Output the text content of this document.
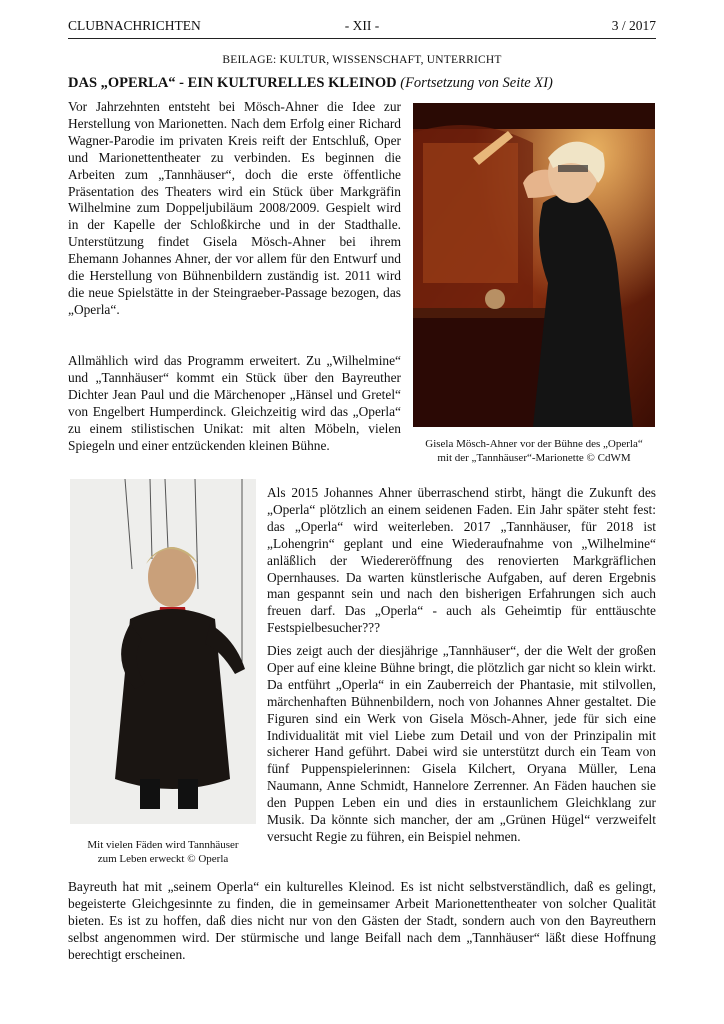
CLUBNACHRICHTEN	- XII -	3 / 2017
BEILAGE: KULTUR, WISSENSCHAFT, UNTERRICHT
DAS „OPERLA“ - EIN KULTURELLES KLEINOD (Fortsetzung von Seite XI)

Vor Jahrzehnten entsteht bei Mösch-Ahner die Idee zur Herstellung von Marionetten. Nach dem Erfolg einer Richard Wagner-Parodie im privaten Kreis reift der Entschluß, Oper und Marionettentheater zu verbinden. Es beginnen die Arbeiten zum „Tannhäuser“, doch die erste öffentliche Präsentation des Theaters wird ein Stück über Markgräfin Wilhelmine zum Doppeljubiläum 2008/2009. Gespielt wird in der Kapelle der Schloßkirche und in der Stadthalle. Unterstützung findet Gisela Mösch-Ahner bei ihrem Ehemann Johannes Ahner, der vor allem für den Entwurf und die Herstellung von Bühnenbildern zuständig ist. 2011 wird die neue Spielstätte in der Steingraeber-Passage bezogen, das „Operla“.

Allmählich wird das Programm erweitert. Zu „Wilhelmine“ und „Tannhäuser“ kommt ein Stück über den Bayreuther Dichter Jean Paul und die Märchenoper „Hänsel und Gretel“ von Engelbert Humperdinck. Gleichzeitig wird das „Operla“ zu einem stilistischen Unikat: mit alten Möbeln, vielen Spiegeln und einer entzückenden kleinen Bühne.	Gisela Mösch-Ahner vor der Bühne des „Operla“
mit der „Tannhäuser“-Marionette © CdWM
Mit vielen Fäden wird Tannhäuser
zum Leben erweckt © Operla

Als 2015 Johannes Ahner überraschend stirbt, hängt die Zukunft des „Operla“ plötzlich an einem seidenen Faden. Ein Jahr später steht fest: das „Operla“ wird weiterleben. 2017 „Tannhäuser, für 2018 ist „Lohengrin“ geplant und eine Wiederaufnahme von „Wilhelmine“ anläßlich der Wiedereröffnung des renovierten Markgräflichen Opernhauses. Da warten künstlerische Aufgaben, auf deren Ergebnis man gespannt sein und nach den bisherigen Erfahrungen sich auch freuen darf. Das „Operla“ - auch als Geheimtip für enttäuschte Festspielbesucher???

Dies zeigt auch der diesjährige „Tannhäuser“, der die Welt der großen Oper auf eine kleine Bühne bringt, die plötzlich gar nicht so klein wirkt. Da entführt „Operla“ in ein Zauberreich der Phantasie, mit stilvollen, märchenhaften Bühnenbildern, noch von Johannes Ahner gestaltet. Die Figuren sind ein Werk von Gisela Mösch-Ahner, jede für sich eine Individualität mit viel Liebe zum Detail und von der Prinzipalin mit sicherer Hand geführt. Dabei wird sie unterstützt durch ein Team von fünf Puppenspielerinnen: Gisela Kilchert, Oryana Müller, Lena Naumann, Anne Schmidt, Hannelore Zerrenner. An Fäden hauchen sie den Puppen Leben ein und dies in erstaunlichem Gleichklang zur Musik. Da könnte sich mancher, der am „Grünen Hügel“ verzweifelt versucht Regie zu führen, ein Beispiel nehmen.

Bayreuth hat mit „seinem Operla“ ein kulturelles Kleinod. Es ist nicht selbstverständlich, daß es gelingt, begeisterte Gleichgesinnte zu finden, die in gemeinsamer Arbeit Marionettentheater von solcher Qualität bieten. Es ist zu hoffen, daß dies nicht nur von den Gästen der Stadt, sondern auch von den Bayreuthern selbst angenommen wird. Der stürmische und lange Beifall nach dem „Tannhäuser“ läßt diese Hoffnung berechtigt erscheinen.
